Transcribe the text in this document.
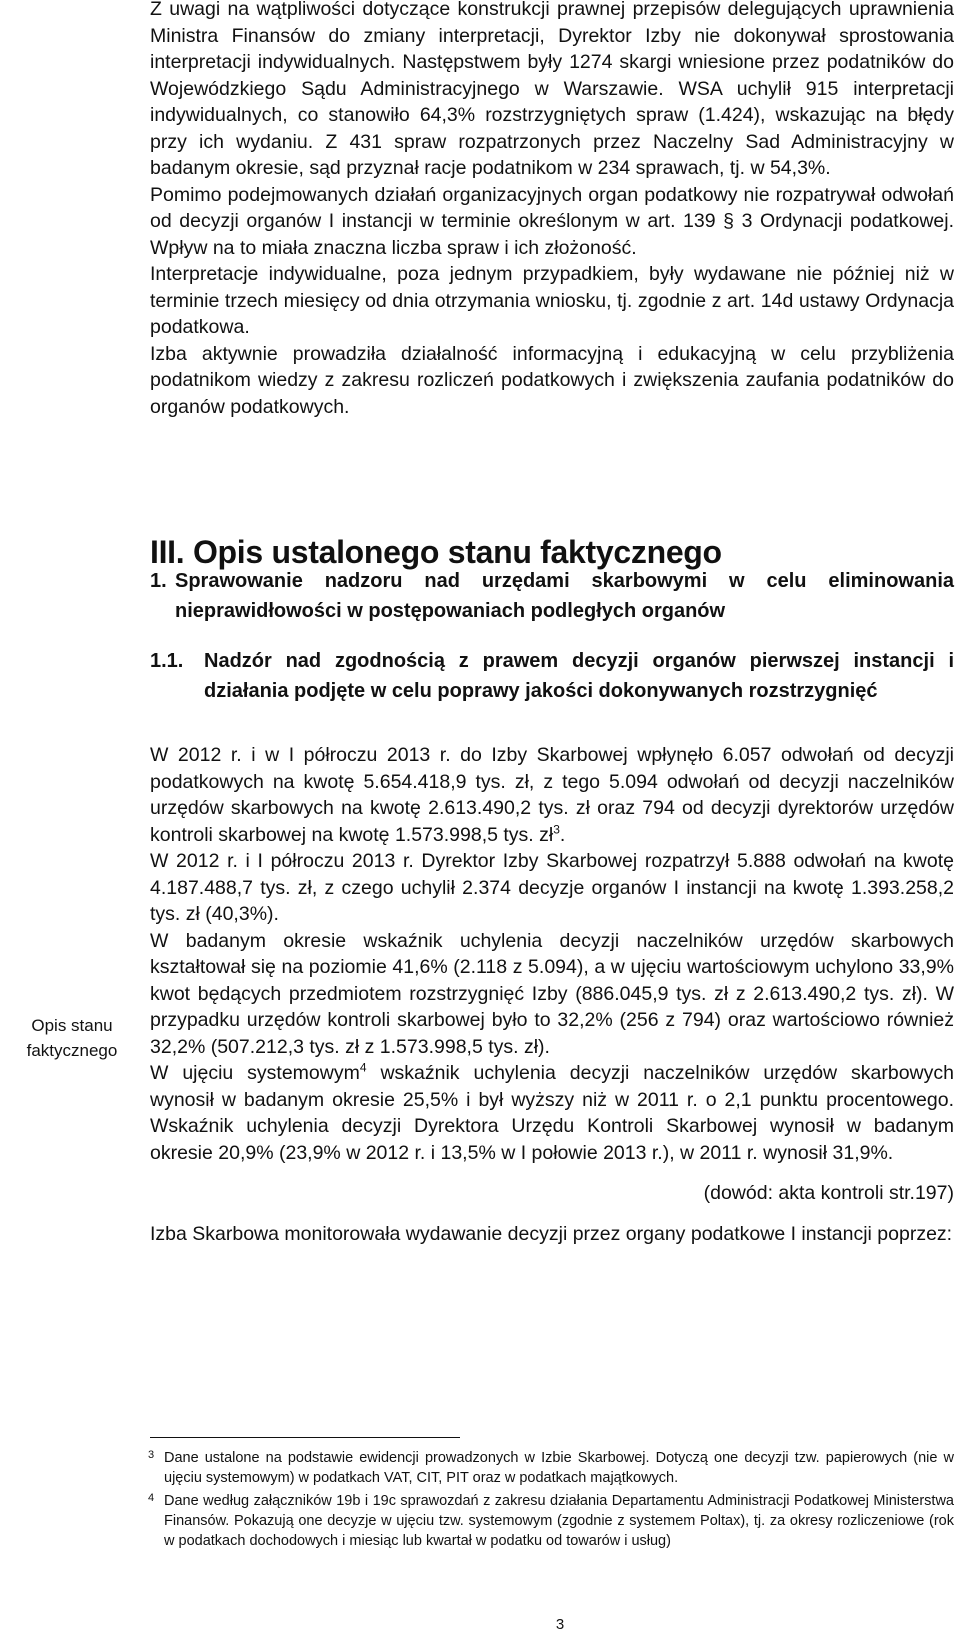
Z uwagi na wątpliwości dotyczące konstrukcji prawnej przepisów delegujących uprawnienia Ministra Finansów do zmiany interpretacji, Dyrektor Izby nie dokonywał sprostowania interpretacji indywidualnych. Następstwem były 1274 skargi wniesione przez podatników do Wojewódzkiego Sądu Administracyjnego w Warszawie. WSA uchylił 915 interpretacji indywidualnych, co stanowiło 64,3% rozstrzygniętych spraw (1.424), wskazując na błędy przy ich wydaniu. Z 431 spraw rozpatrzonych przez Naczelny Sad Administracyjny w badanym okresie, sąd przyznał racje podatnikom w 234 sprawach, tj. w 54,3%.

Pomimo podejmowanych działań organizacyjnych organ podatkowy nie rozpatrywał odwołań od decyzji organów I instancji w terminie określonym w art. 139 § 3 Ordynacji podatkowej. Wpływ na to miała znaczna liczba spraw i ich złożoność.

Interpretacje indywidualne, poza jednym przypadkiem, były wydawane nie później niż w terminie trzech miesięcy od dnia otrzymania wniosku, tj. zgodnie z art. 14d ustawy Ordynacja podatkowa.

Izba aktywnie prowadziła działalność informacyjną i edukacyjną w celu przybliżenia podatnikom wiedzy z zakresu rozliczeń podatkowych i zwiększenia zaufania podatników do organów podatkowych.

III. Opis ustalonego stanu faktycznego
1. Sprawowanie nadzoru nad urzędami skarbowymi w celu eliminowania nieprawidłowości w postępowaniach podległych organów
1.1. Nadzór nad zgodnością z prawem decyzji organów pierwszej instancji i działania podjęte w celu poprawy jakości dokonywanych rozstrzygnięć
Opis stanu faktycznego

W 2012 r. i w I półroczu 2013 r. do Izby Skarbowej wpłynęło 6.057 odwołań od decyzji podatkowych na kwotę 5.654.418,9 tys. zł, z tego 5.094 odwołań od decyzji naczelników urzędów skarbowych na kwotę 2.613.490,2 tys. zł oraz 794 od decyzji dyrektorów urzędów kontroli skarbowej na kwotę 1.573.998,5 tys. $zł^3$.

W 2012 r. i I półroczu 2013 r. Dyrektor Izby Skarbowej rozpatrzył 5.888 odwołań na kwotę 4.187.488,7 tys. zł, z czego uchylił 2.374 decyzje organów I instancji na kwotę 1.393.258,2 tys. zł (40,3%).

W badanym okresie wskaźnik uchylenia decyzji naczelników urzędów skarbowych kształtował się na poziomie 41,6% (2.118 z 5.094), a w ujęciu wartościowym uchylono 33,9% kwot będących przedmiotem rozstrzygnięć Izby (886.045,9 tys. zł z 2.613.490,2 tys. zł). W przypadku urzędów kontroli skarbowej było to 32,2% (256 z 794) oraz wartościowo również 32,2% (507.212,3 tys. zł z 1.573.998,5 tys. zł).

W ujęciu systemowym$^4$ wskaźnik uchylenia decyzji naczelników urzędów skarbowych wynosił w badanym okresie 25,5% i był wyższy niż w 2011 r. o 2,1 punktu procentowego. Wskaźnik uchylenia decyzji Dyrektora Urzędu Kontroli Skarbowej wynosił w badanym okresie 20,9% (23,9% w 2012 r. i 13,5% w I połowie 2013 r.), w 2011 r. wynosił 31,9%.

(dowód: akta kontroli str.197)

Izba Skarbowa monitorowała wydawanie decyzji przez organy podatkowe I instancji poprzez:

3 Dane ustalone na podstawie ewidencji prowadzonych w Izbie Skarbowej. Dotyczą one decyzji tzw. papierowych (nie w ujęciu systemowym) w podatkach VAT, CIT, PIT oraz w podatkach majątkowych.
4 Dane według załączników 19b i 19c sprawozdań z zakresu działania Departamentu Administracji Podatkowej Ministerstwa Finansów. Pokazują one decyzje w ujęciu tzw. systemowym (zgodnie z systemem Poltax), tj. za okresy rozliczeniowe (rok w podatkach dochodowych i miesiąc lub kwartał w podatku od towarów i usług)
3
